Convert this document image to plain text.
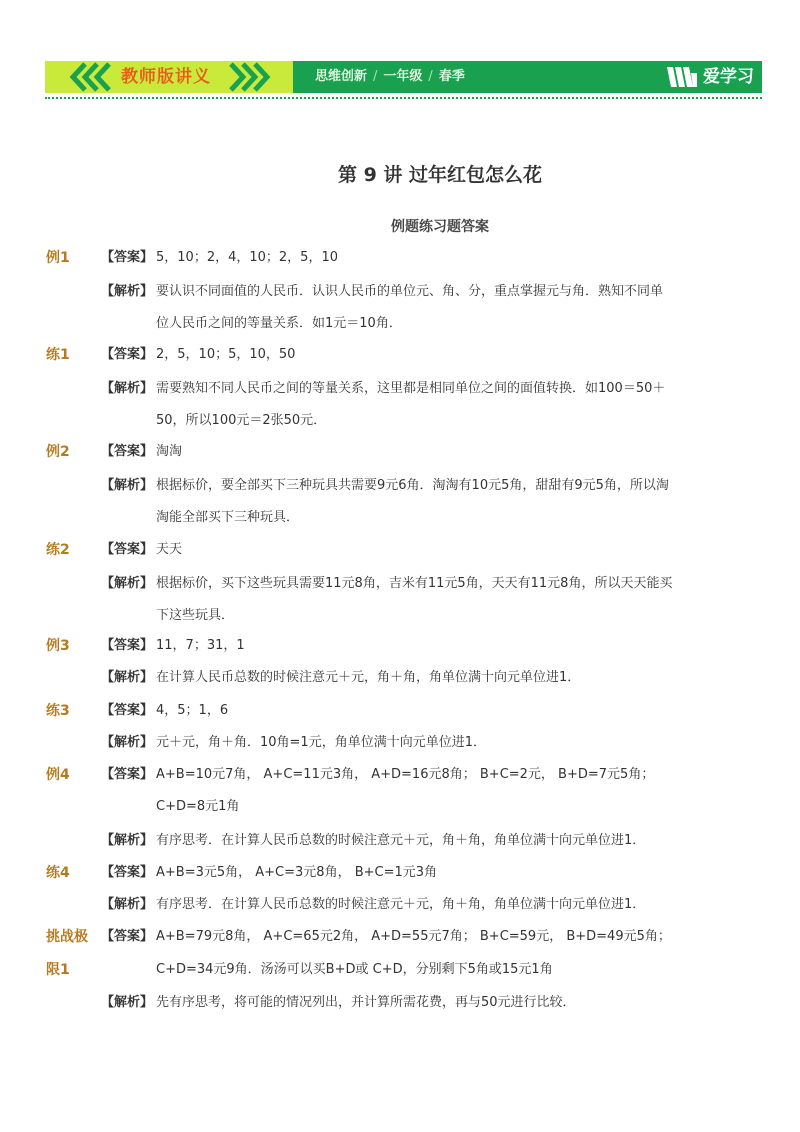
教师版讲义	思维创新 / 一年级 / 春季	爱学习
第 9 讲 过年红包怎么花
例题练习题答案
例1 【答案】 5，10；2，4，10；2，5，10
【解析】 要认识不同面值的人民币．认识人民币的单位元、角、分，重点掌握元与角．熟知不同单
位人民币之间的等量关系．如1元＝10角．
练1 【答案】 2，5，10；5，10，50
【解析】 需要熟知不同人民币之间的等量关系，这里都是相同单位之间的面值转换．如100＝50＋
50，所以100元＝2张50元．
例2 【答案】 淘淘
【解析】 根据标价，要全部买下三种玩具共需要9元6角．淘淘有10元5角，甜甜有9元5角，所以淘
淘能全部买下三种玩具．
练2 【答案】 天天
【解析】 根据标价，买下这些玩具需要11元8角，吉米有11元5角，天天有11元8角，所以天天能买
下这些玩具．
例3 【答案】 11，7；31，1
【解析】 在计算人民币总数的时候注意元＋元，角＋角，角单位满十向元单位进1．
练3 【答案】 4，5；1，6
【解析】 元＋元，角＋角．10角=1元，角单位满十向元单位进1．
例4 【答案】 A+B=10元7角， A+C=11元3角， A+D=16元8角； B+C=2元， B+D=7元5角；
C+D=8元1角
【解析】 有序思考．在计算人民币总数的时候注意元＋元，角＋角，角单位满十向元单位进1．
练4 【答案】 A+B=3元5角， A+C=3元8角， B+C=1元3角
【解析】 有序思考．在计算人民币总数的时候注意元＋元，角＋角，角单位满十向元单位进1．
挑战极
限1
【答案】 A+B=79元8角， A+C=65元2角， A+D=55元7角； B+C=59元， B+D=49元5角；
C+D=34元9角．汤汤可以买B+D或 C+D，分别剩下5角或15元1角
【解析】 先有序思考，将可能的情况列出，并计算所需花费，再与50元进行比较．
